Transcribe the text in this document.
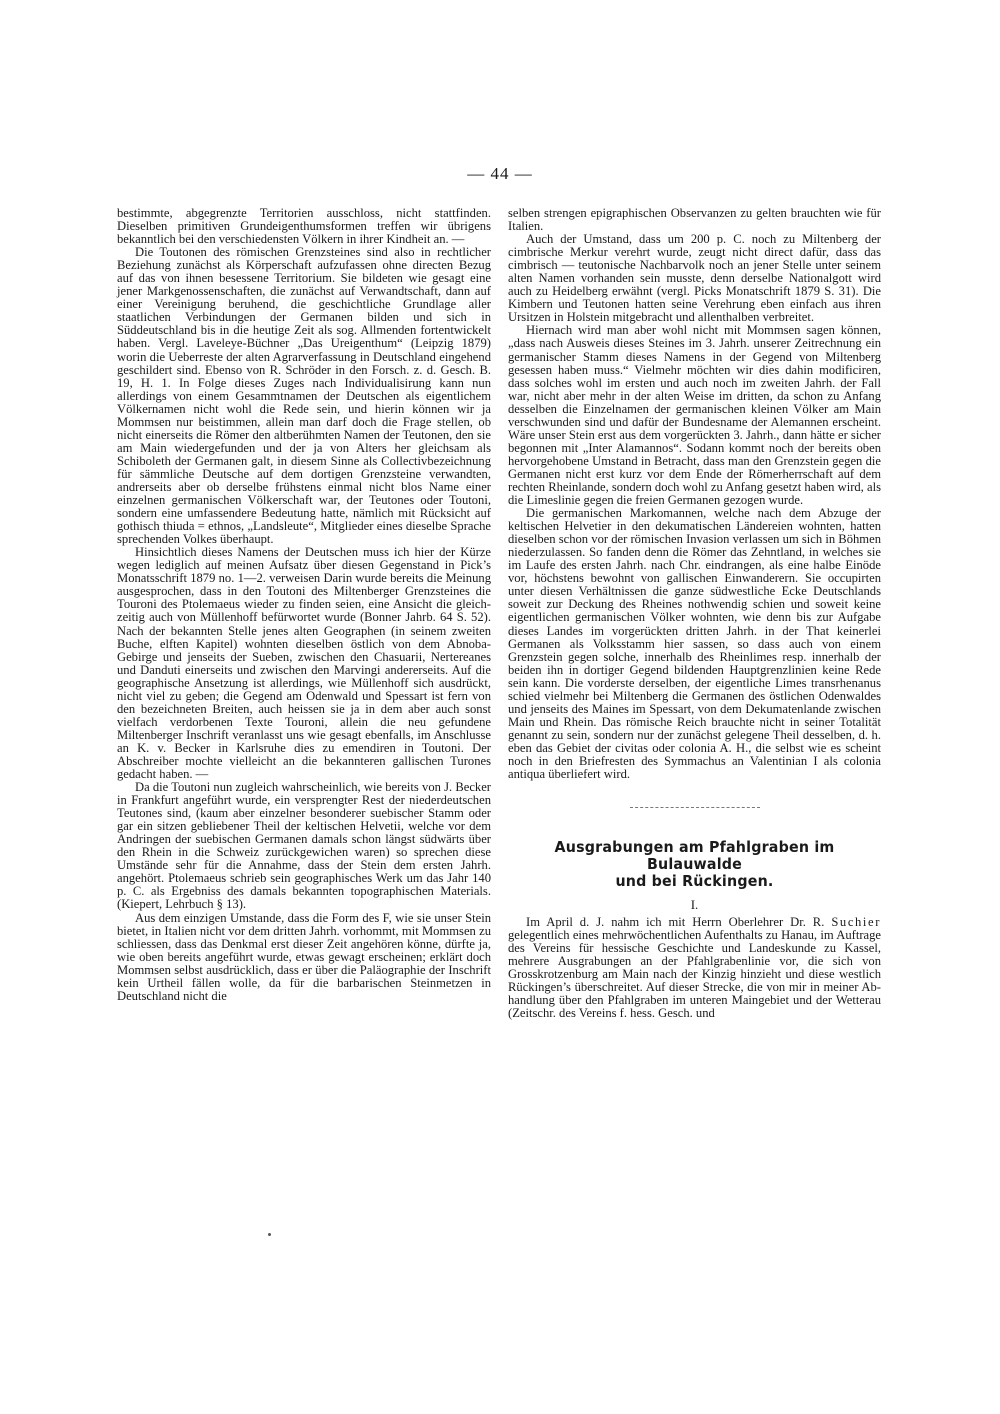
— 44 —

bestimmte, abgegrenzte Territorien ausschloss, nicht stattfinden. Dieselben primitiven Grundeigenthumsformen treffen wir übrigens bekanntlich bei den verschiedensten Völkern in ihrer Kindheit an. —

Die Toutonen des römischen Grenzsteines sind also in rechtlicher Beziehung zunächst als Körperschaft aufzufassen ohne directen Bezug auf das von ihnen besessene Territorium. Sie bildeten wie gesagt eine jener Markgenossenschaften, die zunächst auf Verwandtschaft, dann auf einer Vereinigung beruhend, die geschichtliche Grundlage aller staatlichen Verbindungen der Germanen bilden und sich in Süddeutschland bis in die heutige Zeit als sog. Allmenden fortentwickelt haben. Vergl. Laveleye-Büchner „Das Ureigenthum“ (Leipzig 1879) worin die Ueberreste der alten Agrarverfassung in Deutschland eingehend geschildert sind. Ebenso von R. Schröder in den Forsch. z. d. Gesch. B. 19, H. 1. In Folge dieses Zuges nach Individualisirung kann nun allerdings von einem Gesammtnamen der Deutschen als eigentlichem Völkernamen nicht wohl die Rede sein, und hierin können wir ja Mommsen nur beistimmen, allein man darf doch die Frage stellen, ob nicht einerseits die Römer den altberühmten Namen der Teutonen, den sie am Main wiedergefunden und der ja von Alters her gleichsam als Schiboleth der Germanen galt, in diesem Sinne als Collectivbezeichnung für sämmliche Deutsche auf dem dortigen Grenzsteine verwandten, andrerseits aber ob derselbe frühstens einmal nicht blos Name einer einzelnen germanischen Völkerschaft war, der Teutones oder Toutoni, sondern eine umfassendere Bedeutung hatte, nämlich mit Rücksicht auf gothisch thiuda = ethnos, „Landsleute“, Mitglieder eines dieselbe Sprache sprechenden Volkes überhaupt.

Hinsichtlich dieses Namens der Deutschen muss ich hier der Kürze wegen lediglich auf meinen Aufsatz über diesen Gegenstand in Pick’s Monatsschrift 1879 no. 1—2. verweisen Darin wurde bereits die Meinung ausgesprochen, dass in den Toutoni des Miltenberger Grenzsteines die Touroni des Ptolemaeus wieder zu finden seien, eine Ansicht die gleichzeitig auch von Müllenhoff befürwortet wurde (Bonner Jahrb. 64 S. 52). Nach der bekannten Stelle jenes alten Geographen (in seinem zweiten Buche, elften Kapitel) wohnten dieselben östlich von dem Abnoba-Gebirge und jenseits der Sueben, zwischen den Chasuarii, Nertereanes und Danduti einerseits und zwischen den Marvingi andererseits. Auf die geographische Ansetzung ist allerdings, wie Müllenhoff sich ausdrückt, nicht viel zu geben; die Gegend am Odenwald und Spessart ist fern von den bezeichneten Breiten, auch heissen sie ja in dem aber auch sonst vielfach verdorbenen Texte Touroni, allein die neu gefundene Miltenberger Inschrift veranlasst uns wie gesagt ebenfalls, im Anschlusse an K. v. Becker in Karlsruhe dies zu emendiren in Toutoni. Der Abschreiber mochte vielleicht an die bekannteren gallischen Turones gedacht haben. —

Da die Toutoni nun zugleich wahrscheinlich, wie bereits von J. Becker in Frankfurt angeführt wurde, ein versprengter Rest der niederdeutschen Teutones sind, (kaum aber einzelner besonderer suebischer Stamm oder gar ein sitzen gebliebener Theil der keltischen Helvetii, welche vor dem Andringen der suebischen Germanen damals schon längst südwärts über den Rhein in die Schweiz zurückgewichen waren) so sprechen diese Umstände sehr für die Annahme, dass der Stein dem ersten Jahrh. angehört. Ptolemaeus schrieb sein geographisches Werk um das Jahr 140 p. C. als Ergebniss des damals bekannten topographischen Materials. (Kiepert, Lehrbuch § 13).

Aus dem einzigen Umstande, dass die Form des F, wie sie unser Stein bietet, in Italien nicht vor dem dritten Jahrh. vorhommt, mit Mommsen zu schliessen, dass das Denkmal erst dieser Zeit angehören könne, dürfte ja, wie oben bereits angeführt wurde, etwas gewagt erscheinen; erklärt doch Mommsen selbst ausdrücklich, dass er über die Paläographie der Inschrift kein Urtheil fällen wolle, da für die barbarischen Steinmetzen in Deutschland nicht die

selben strengen epigraphischen Observanzen zu gelten brauchten wie für Italien.

Auch der Umstand, dass um 200 p. C. noch zu Miltenberg der cimbrische Merkur verehrt wurde, zeugt nicht direct dafür, dass das cimbrisch — teutonische Nachbarvolk noch an jener Stelle unter seinem alten Namen vorhanden sein musste, denn derselbe Nationalgott wird auch zu Heidelberg erwähnt (vergl. Picks Monatschrift 1879 S. 31). Die Kimbern und Teutonen hatten seine Verehrung eben einfach aus ihren Ursitzen in Holstein mitgebracht und allenthalben verbreitet.

Hiernach wird man aber wohl nicht mit Mommsen sagen können, „dass nach Ausweis dieses Steines im 3. Jahrh. unserer Zeitrechnung ein germanischer Stamm dieses Namens in der Gegend von Miltenberg gesessen haben muss.“ Vielmehr möchten wir dies dahin modificiren, dass solches wohl im ersten und auch noch im zweiten Jahrh. der Fall war, nicht aber mehr in der alten Weise im dritten, da schon zu Anfang desselben die Einzelnamen der germanischen kleinen Völker am Main verschwunden sind und dafür der Bundesname der Alemannen erscheint. Wäre unser Stein erst aus dem vorgerückten 3. Jahrh., dann hätte er sicher begonnen mit „Inter Alamannos“. Sodann kommt noch der bereits oben hervorgehobene Umstand in Betracht, dass man den Grenzstein gegen die Germanen nicht erst kurz vor dem Ende der Römerherrschaft auf dem rechten Rheinlande, sondern doch wohl zu Anfang gesetzt haben wird, als die Limeslinie gegen die freien Germanen gezogen wurde.

Die germanischen Markomannen, welche nach dem Abzuge der keltischen Helvetier in den dekumatischen Ländereien wohnten, hatten dieselben schon vor der römischen Invasion verlassen um sich in Böhmen niederzulassen. So fanden denn die Römer das Zehntland, in welches sie im Laufe des ersten Jahrh. nach Chr. eindrangen, als eine halbe Einöde vor, höchstens bewohnt von gallischen Einwanderern. Sie occupirten unter diesen Verhältnissen die ganze südwestliche Ecke Deutschlands soweit zur Deckung des Rheines nothwendig schien und soweit keine eigentlichen germanischen Völker wohnten, wie denn bis zur Aufgabe dieses Landes im vorgerückten dritten Jahrh. in der That keinerlei Germanen als Volksstamm hier sassen, so dass auch von einem Grenzstein gegen solche, innerhalb des Rheinlimes resp. innerhalb der beiden ihn in dortiger Gegend bildenden Hauptgrenzlinien keine Rede sein kann. Die vorderste derselben, der eigentliche Limes transrhenanus schied vielmehr bei Miltenberg die Germanen des östlichen Odenwaldes und jenseits des Maines im Spessart, von dem Dekumatenlande zwischen Main und Rhein. Das römische Reich brauchte nicht in seiner Totalität genannt zu sein, sondern nur der zunächst gelegene Theil desselben, d. h. eben das Gebiet der civitas oder colonia A. H., die selbst wie es scheint noch in den Briefresten des Symmachus an Valentinian I als colonia antiqua überliefert wird.

Ausgrabungen am Pfahlgraben im Bulauwalde
und bei Rückingen.
I.

Im April d. J. nahm ich mit Herrn Oberlehrer Dr. R. Suchier gelegentlich eines mehrwöchentlichen Aufenthalts zu Hanau, im Auftrage des Vereins für hessische Geschichte und Landeskunde zu Kassel, mehrere Ausgrabungen an der Pfahlgrabenlinie vor, die sich von Grosskrotzenburg am Main nach der Kinzig hinzieht und diese westlich Rückingen’s überschreitet. Auf dieser Strecke, die von mir in meiner Abhandlung über den Pfahlgraben im unteren Maingebiet und der Wetterau (Zeitschr. des Vereins f. hess. Gesch. und
